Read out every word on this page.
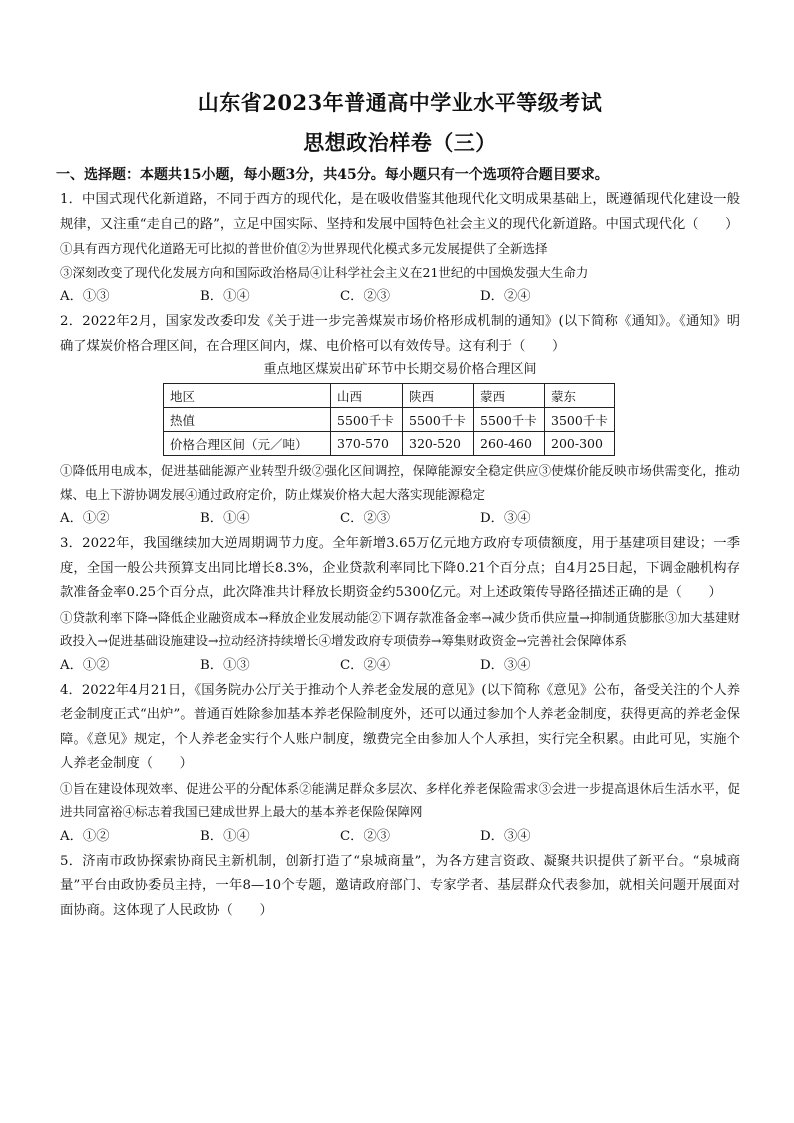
山东省2023年普通高中学业水平等级考试
思想政治样卷（三）
一、选择题：本题共15小题，每小题3分，共45分。每小题只有一个选项符合题目要求。

1．中国式现代化新道路，不同于西方的现代化，是在吸收借鉴其他现代化文明成果基础上，既遵循现代化建设一般规律，又注重“走自己的路”，立足中国实际、坚持和发展中国特色社会主义的现代化新道路。中国式现代化（　　）

①具有西方现代化道路无可比拟的普世价值②为世界现代化模式多元发展提供了全新选择

③深刻改变了现代化发展方向和国际政治格局④让科学社会主义在21世纪的中国焕发强大生命力

A．①③	B．①④	C．②③	D．②④

2．2022年2月，国家发改委印发《关于进一步完善煤炭市场价格形成机制的通知》(以下简称《通知》。《通知》明确了煤炭价格合理区间，在合理区间内，煤、电价格可以有效传导。这有利于（　　）

重点地区煤炭出矿环节中长期交易价格合理区间
地区	山西	陕西	蒙西	蒙东
热值	5500千卡	5500千卡	5500千卡	3500千卡
价格合理区间（元／吨）	370-570	320-520	260-460	200-300

①降低用电成本，促进基础能源产业转型升级②强化区间调控，保障能源安全稳定供应③使煤价能反映市场供需变化，推动煤、电上下游协调发展④通过政府定价，防止煤炭价格大起大落实现能源稳定

A．①②	B．①④	C．②③	D．③④

3．2022年，我国继续加大逆周期调节力度。全年新增3.65万亿元地方政府专项债额度，用于基建项目建设；一季度，全国一般公共预算支出同比增长8.3%，企业贷款利率同比下降0.21个百分点；自4月25日起，下调金融机构存款准备金率0.25个百分点，此次降准共计释放长期资金约5300亿元。对上述政策传导路径描述正确的是（　　）

①贷款利率下降→降低企业融资成本→释放企业发展动能②下调存款准备金率→减少货币供应量→抑制通货膨胀③加大基建财政投入→促进基础设施建设→拉动经济持续增长④增发政府专项债券→筹集财政资金→完善社会保障体系

A．①②	B．①③	C．②④	D．③④

4．2022年4月21日，《国务院办公厅关于推动个人养老金发展的意见》(以下简称《意见》公布，备受关注的个人养老金制度正式“出炉”。普通百姓除参加基本养老保险制度外，还可以通过参加个人养老金制度，获得更高的养老金保障。《意见》规定，个人养老金实行个人账户制度，缴费完全由参加人个人承担，实行完全积累。由此可见，实施个人养老金制度（　　）

①旨在建设体现效率、促进公平的分配体系②能满足群众多层次、多样化养老保险需求③会进一步提高退休后生活水平，促进共同富裕④标志着我国已建成世界上最大的基本养老保险保障网

A．①②	B．①④	C．②③	D．③④

5．济南市政协探索协商民主新机制，创新打造了“泉城商量”，为各方建言资政、凝聚共识提供了新平台。“泉城商量”平台由政协委员主持，一年8—10个专题，邀请政府部门、专家学者、基层群众代表参加，就相关问题开展面对面协商。这体现了人民政协（　　）
